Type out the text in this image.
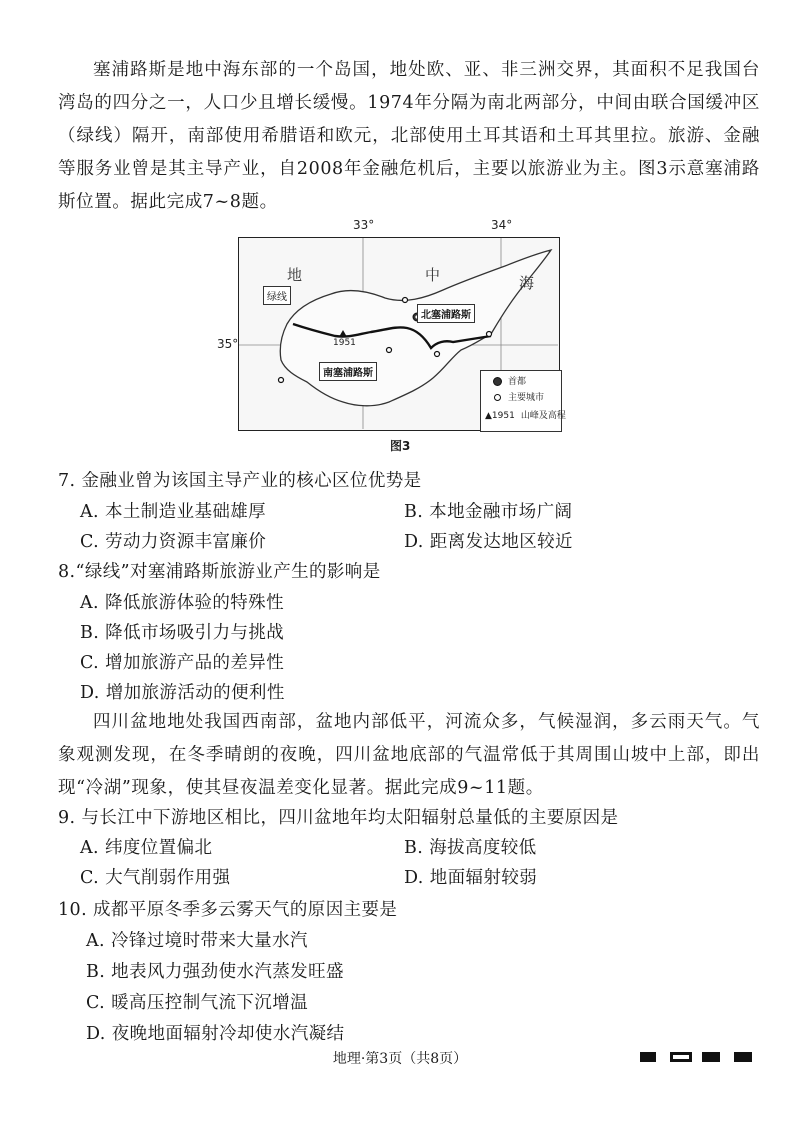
塞浦路斯是地中海东部的一个岛国，地处欧、亚、非三洲交界，其面积不足我国台湾岛的四分之一，人口少且增长缓慢。1974年分隔为南北两部分，中间由联合国缓冲区（绿线）隔开，南部使用希腊语和欧元，北部使用土耳其语和土耳其里拉。旅游、金融等服务业曾是其主导产业，自2008年金融危机后，主要以旅游业为主。图3示意塞浦路斯位置。据此完成7~8题。
33°	34°
35°
地	中	海
绿线
北塞浦路斯
南塞浦路斯
1951
首都
主要城市
▲1951 山峰及高程
图3
7. 金融业曾为该国主导产业的核心区位优势是
A. 本土制造业基础雄厚	B. 本地金融市场广阔
C. 劳动力资源丰富廉价	D. 距离发达地区较近
8.“绿线”对塞浦路斯旅游业产生的影响是
A. 降低旅游体验的特殊性
B. 降低市场吸引力与挑战
C. 增加旅游产品的差异性
D. 增加旅游活动的便利性
四川盆地地处我国西南部，盆地内部低平，河流众多，气候湿润，多云雨天气。气象观测发现，在冬季晴朗的夜晚，四川盆地底部的气温常低于其周围山坡中上部，即出现“冷湖”现象，使其昼夜温差变化显著。据此完成9~11题。
9. 与长江中下游地区相比，四川盆地年均太阳辐射总量低的主要原因是
A. 纬度位置偏北	B. 海拔高度较低
C. 大气削弱作用强	D. 地面辐射较弱
10. 成都平原冬季多云雾天气的原因主要是
A. 冷锋过境时带来大量水汽
B. 地表风力强劲使水汽蒸发旺盛
C. 暖高压控制气流下沉增温
D. 夜晚地面辐射冷却使水汽凝结
地理·第3页（共8页）
